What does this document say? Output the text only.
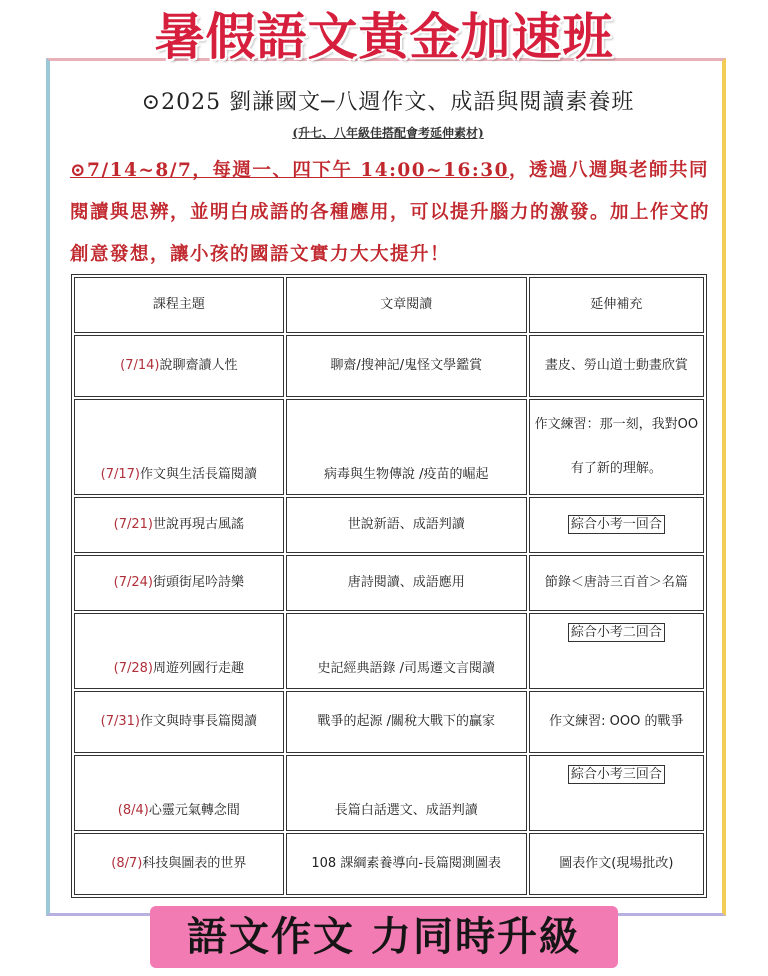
暑假語文黃金加速班
⊙2025 劉謙國文─八週作文、成語與閱讀素養班
(升七、八年級佳搭配會考延伸素材)
⊙7/14~8/7，每週一、四下午 14:00~16:30，透過八週與老師共同閱讀與思辨，並明白成語的各種應用，可以提升腦力的激發。加上作文的創意發想，讓小孩的國語文實力大大提升！
課程主題	文章閱讀	延伸補充
(7/14)說聊齋讀人性	聊齋/搜神記/鬼怪文學鑑賞	畫皮、勞山道士動畫欣賞
(7/17)作文與生活長篇閱讀	病毒與生物傳說 /疫苗的崛起	作文練習：那一刻，我對OO 有了新的理解。

(7/21)世說再現古風謠	世說新語、成語判讀	綜合小考一回合
(7/24)街頭街尾吟詩樂	唐詩閱讀、成語應用	節錄＜唐詩三百首＞名篇
(7/28)周遊列國行走趣	史記經典語錄 /司馬遷文言閱讀	綜合小考二回合
(7/31)作文與時事長篇閱讀	戰爭的起源 /關稅大戰下的贏家	作文練習: OOO 的戰爭
(8/4)心靈元氣轉念間	長篇白話選文、成語判讀	綜合小考三回合
(8/7)科技與圖表的世界	108 課綱素養導向-長篇閱測圖表	圖表作文(現場批改)
語文作文 力同時升級
